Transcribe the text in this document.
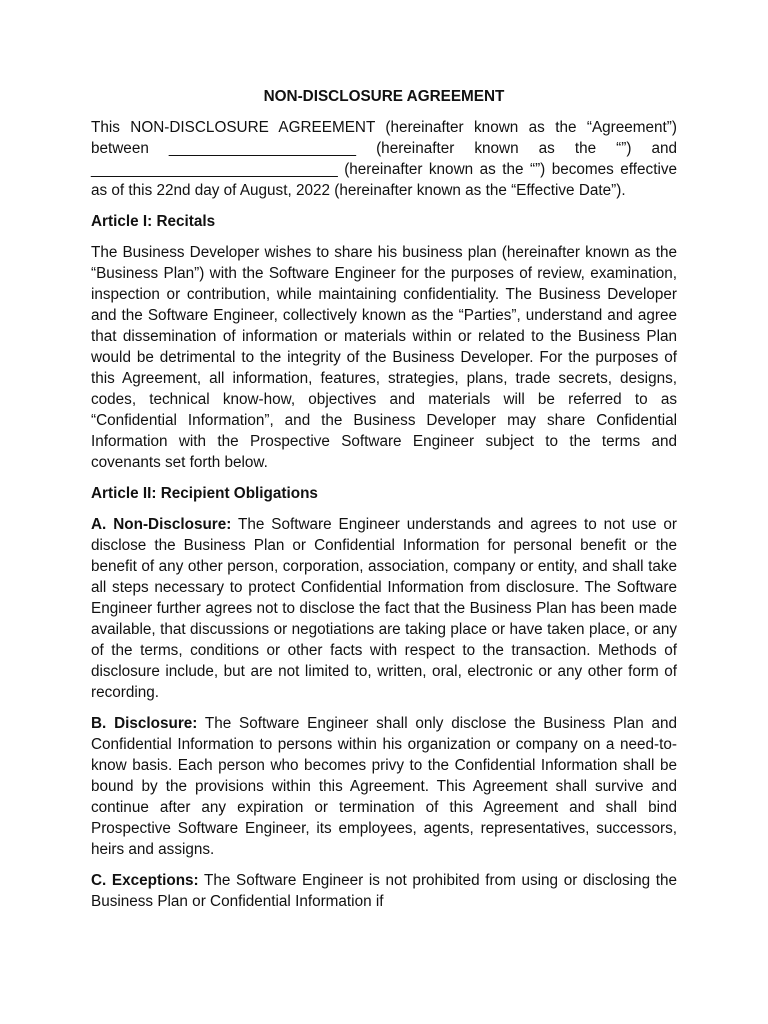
NON-DISCLOSURE AGREEMENT

This NON-DISCLOSURE AGREEMENT (hereinafter known as the “Agreement”) between ______________________ (hereinafter known as the “”) and _____________________________ (hereinafter known as the “”) becomes effective as of this 22nd day of August, 2022 (hereinafter known as the “Effective Date”).

Article I: Recitals

The Business Developer wishes to share his business plan (hereinafter known as the “Business Plan”) with the Software Engineer for the purposes of review, examination, inspection or contribution, while maintaining confidentiality. The Business Developer and the Software Engineer, collectively known as the “Parties”, understand and agree that dissemination of information or materials within or related to the Business Plan would be detrimental to the integrity of the Business Developer. For the purposes of this Agreement, all information, features, strategies, plans, trade secrets, designs, codes, technical know-how, objectives and materials will be referred to as “Confidential Information”, and the Business Developer may share Confidential Information with the Prospective Software Engineer subject to the terms and covenants set forth below.

Article II: Recipient Obligations

A. Non-Disclosure: The Software Engineer understands and agrees to not use or disclose the Business Plan or Confidential Information for personal benefit or the benefit of any other person, corporation, association, company or entity, and shall take all steps necessary to protect Confidential Information from disclosure. The Software Engineer further agrees not to disclose the fact that the Business Plan has been made available, that discussions or negotiations are taking place or have taken place, or any of the terms, conditions or other facts with respect to the transaction. Methods of disclosure include, but are not limited to, written, oral, electronic or any other form of recording.

B. Disclosure: The Software Engineer shall only disclose the Business Plan and Confidential Information to persons within his organization or company on a need-to-know basis. Each person who becomes privy to the Confidential Information shall be bound by the provisions within this Agreement. This Agreement shall survive and continue after any expiration or termination of this Agreement and shall bind Prospective Software Engineer, its employees, agents, representatives, successors, heirs and assigns.

C. Exceptions: The Software Engineer is not prohibited from using or disclosing the Business Plan or Confidential Information if
